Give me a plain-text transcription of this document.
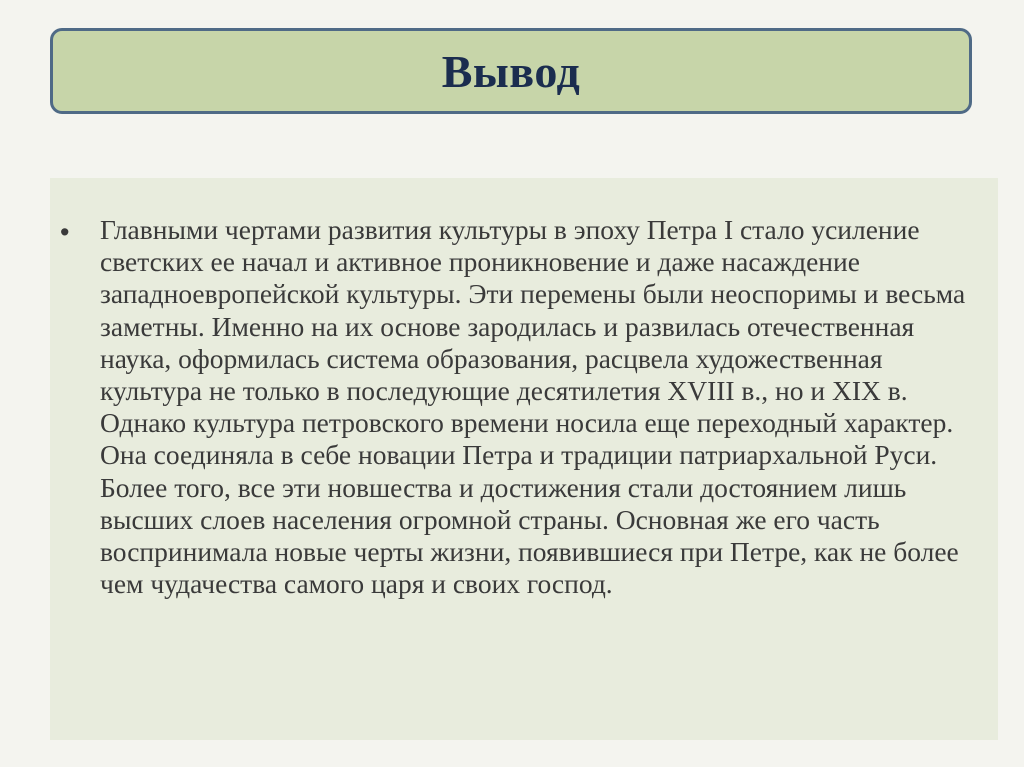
Вывод
• Главными чертами развития культуры в эпоху Петра I стало усиление светских ее начал и активное проникновение и даже насаждение западноевропейской культуры. Эти перемены были неоспоримы и весьма заметны. Именно на их основе зародилась и развилась отечественная наука, оформилась система образования, расцвела художественная культура не только в последующие десятилетия XVIII в., но и XIX в. Однако культура петровского времени носила еще переходный характер. Она соединяла в себе новации Петра и традиции патриархальной Руси. Более того, все эти новшества и достижения стали достоянием лишь высших слоев населения огромной страны. Основная же его часть воспринимала новые черты жизни, появившиеся при Петре, как не более чем чудачества самого царя и своих господ.
